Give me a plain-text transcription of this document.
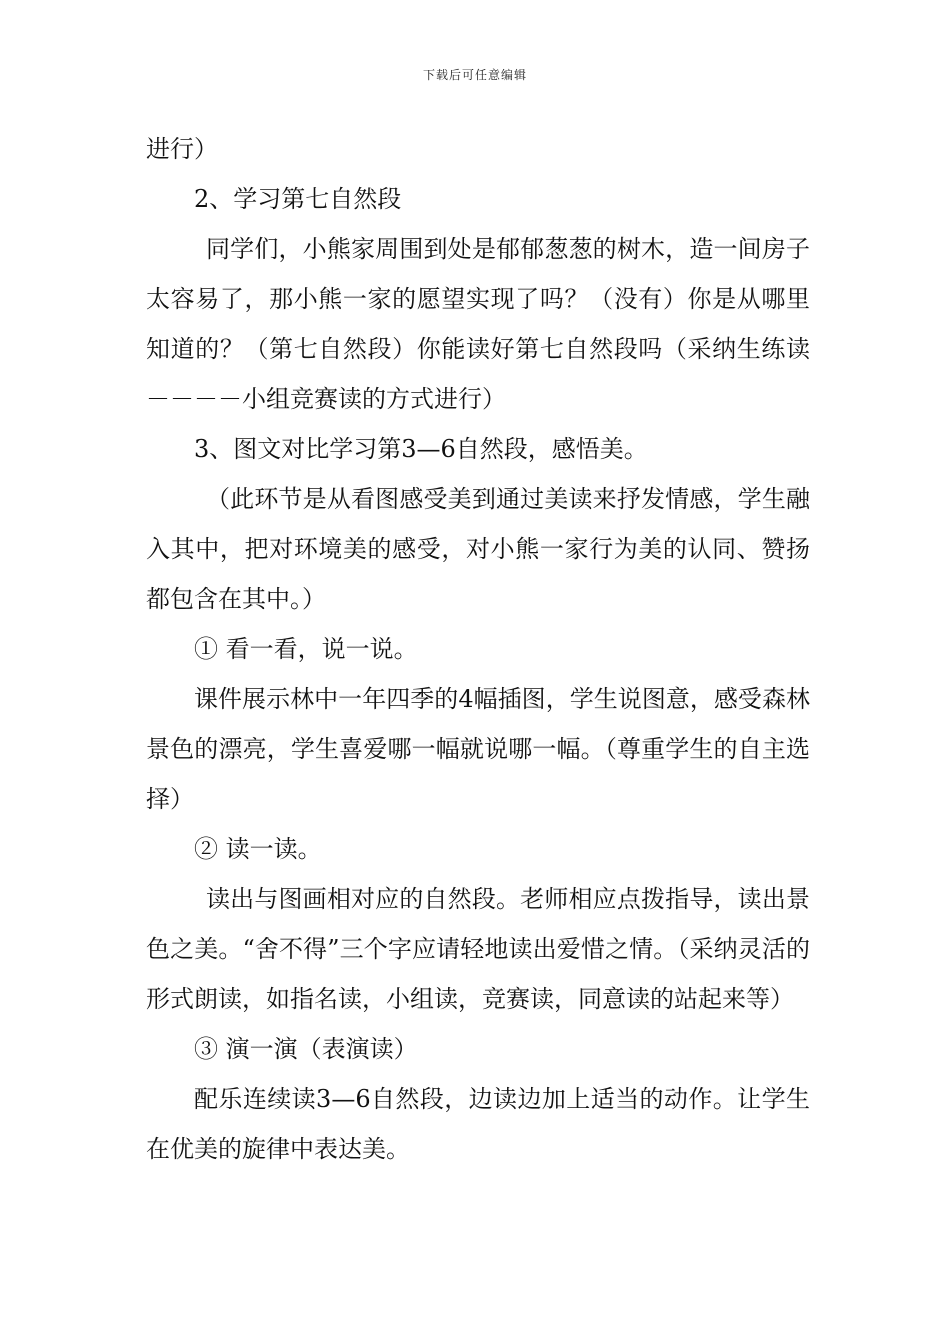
下载后可任意编辑

进行）

2、学习第七自然段

同学们，小熊家周围到处是郁郁葱葱的树木，造一间房子太容易了，那小熊一家的愿望实现了吗？（没有）你是从哪里知道的？（第七自然段）你能读好第七自然段吗（采纳生练读－－－－小组竞赛读的方式进行）

3、图文对比学习第3—6自然段，感悟美。

（此环节是从看图感受美到通过美读来抒发情感，学生融入其中，把对环境美的感受，对小熊一家行为美的认同、赞扬都包含在其中。）

① 看一看，说一说。

课件展示林中一年四季的4幅插图，学生说图意，感受森林景色的漂亮，学生喜爱哪一幅就说哪一幅。（尊重学生的自主选择）

② 读一读。

读出与图画相对应的自然段。老师相应点拨指导，读出景色之美。“舍不得”三个字应请轻地读出爱惜之情。（采纳灵活的形式朗读，如指名读，小组读，竞赛读，同意读的站起来等）

③ 演一演（表演读）

配乐连续读3—6自然段，边读边加上适当的动作。让学生在优美的旋律中表达美。
